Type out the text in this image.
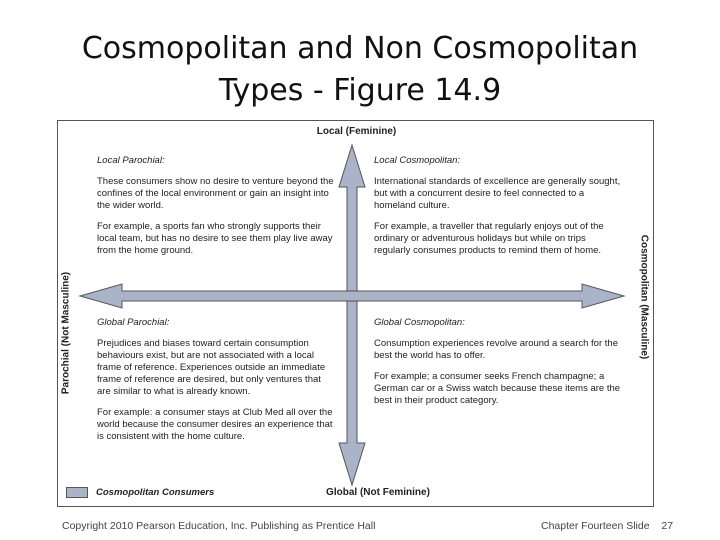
Cosmopolitan and Non Cosmopolitan
Types - Figure 14.9
Local (Feminine)
Global (Not Feminine)
Parochial (Not Masculine)	Cosmopolitan (Masculine)
Local Parochial:
These consumers show no desire to venture beyond the confines of the local environment or gain an insight into the wider world.
For example, a sports fan who strongly supports their local team, but has no desire to see them play live away from the home ground.
Local Cosmopolitan:
International standards of excellence are generally sought, but with a concurrent desire to feel connected to a homeland culture.
For example, a traveller that regularly enjoys out of the ordinary or adventurous holidays but while on trips regularly consumes products to remind them of home.
Global Parochial:
Prejudices and biases toward certain consumption behaviours exist, but are not associated with a local frame of reference. Experiences outside an immediate frame of reference are desired, but only ventures that are similar to what is already known.
For example: a consumer stays at Club Med all over the world because the consumer desires an experience that is consistent with the home culture.
Global Cosmopolitan:
Consumption experiences revolve around a search for the best the world has to offer.
For example; a consumer seeks French champagne; a German car or a Swiss watch because these items are the best in their product category.
Cosmopolitan Consumers
Copyright 2010 Pearson Education, Inc. Publishing as Prentice Hall	Chapter Fourteen Slide 27
